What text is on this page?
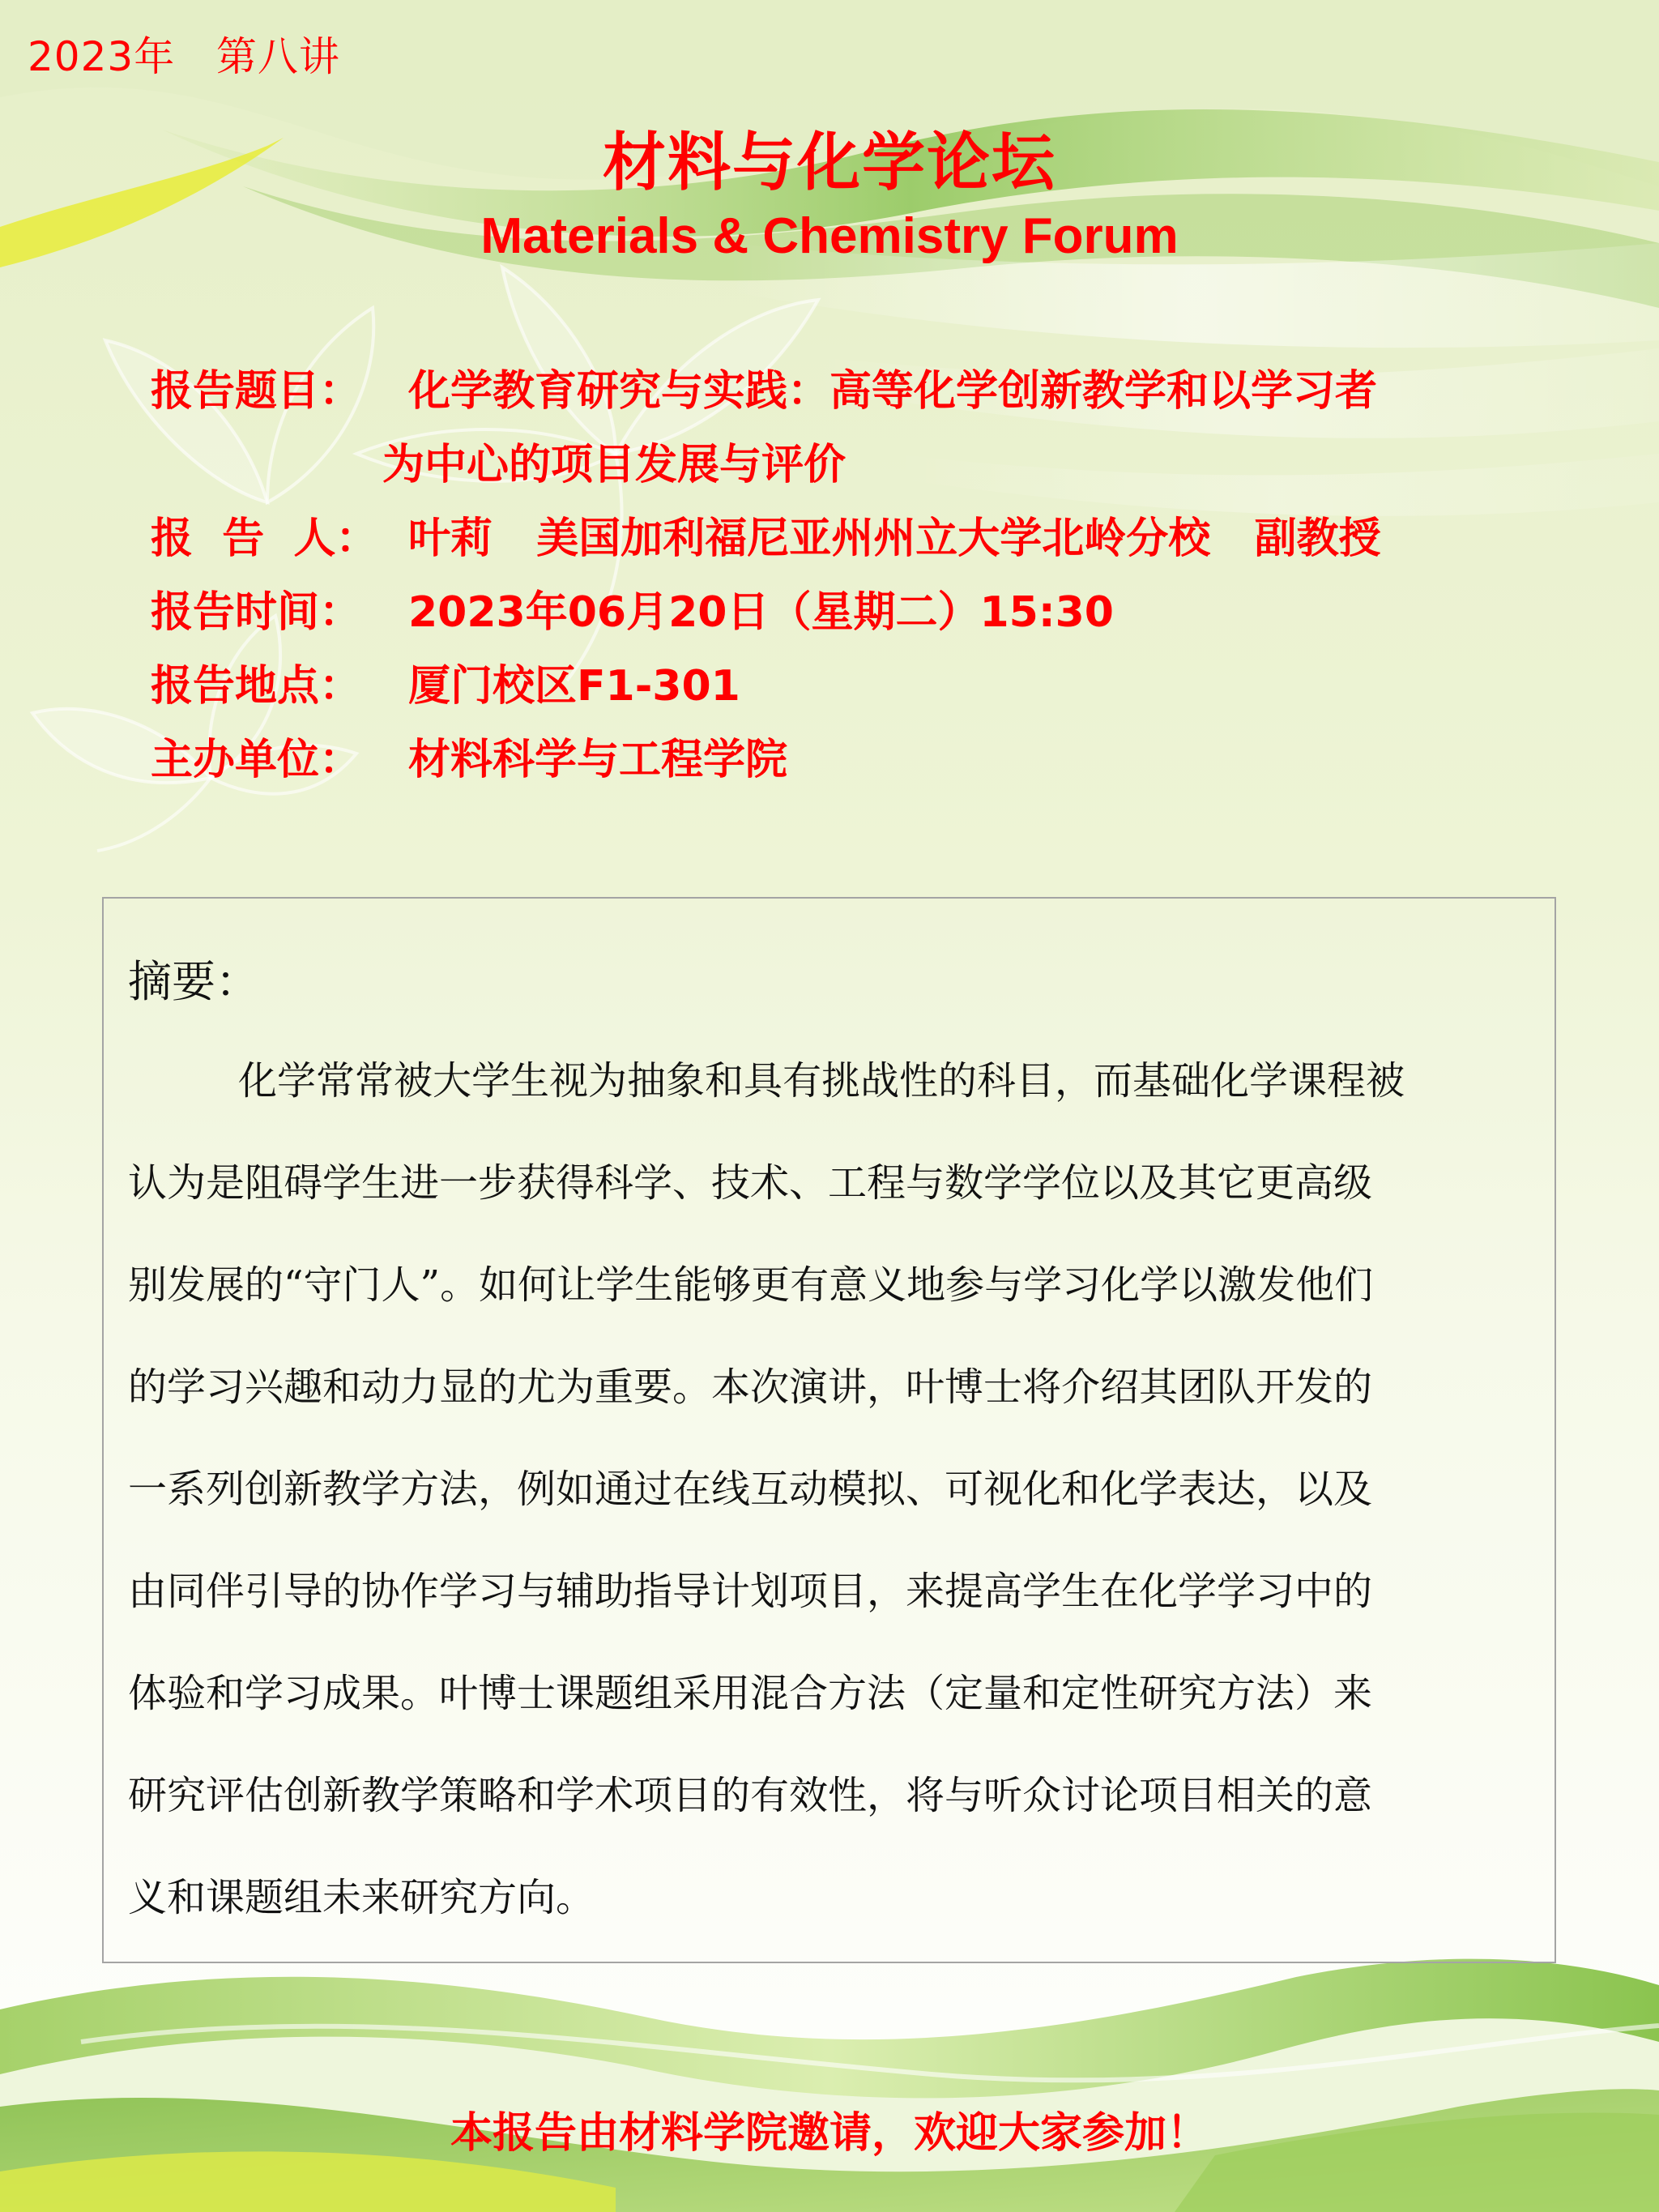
2023年   第八讲
材料与化学论坛
Materials & Chemistry Forum
报告题目：	化学教育研究与实践：高等化学创新教学和以学习者
为中心的项目发展与评价
报  告  人： 叶莉   美国加利福尼亚州州立大学北岭分校   副教授
报告时间：	2023年06月20日（星期二）15:30
报告地点：	厦门校区F1-301
主办单位：	材料科学与工程学院
摘要：
化学常常被大学生视为抽象和具有挑战性的科目，而基础化学课程被
认为是阻碍学生进一步获得科学、技术、工程与数学学位以及其它更高级
别发展的“守门人”。如何让学生能够更有意义地参与学习化学以激发他们
的学习兴趣和动力显的尤为重要。本次演讲，叶博士将介绍其团队开发的
一系列创新教学方法，例如通过在线互动模拟、可视化和化学表达，以及
由同伴引导的协作学习与辅助指导计划项目，来提高学生在化学学习中的
体验和学习成果。叶博士课题组采用混合方法（定量和定性研究方法）来
研究评估创新教学策略和学术项目的有效性，将与听众讨论项目相关的意
义和课题组未来研究方向。
本报告由材料学院邀请，欢迎大家参加！
